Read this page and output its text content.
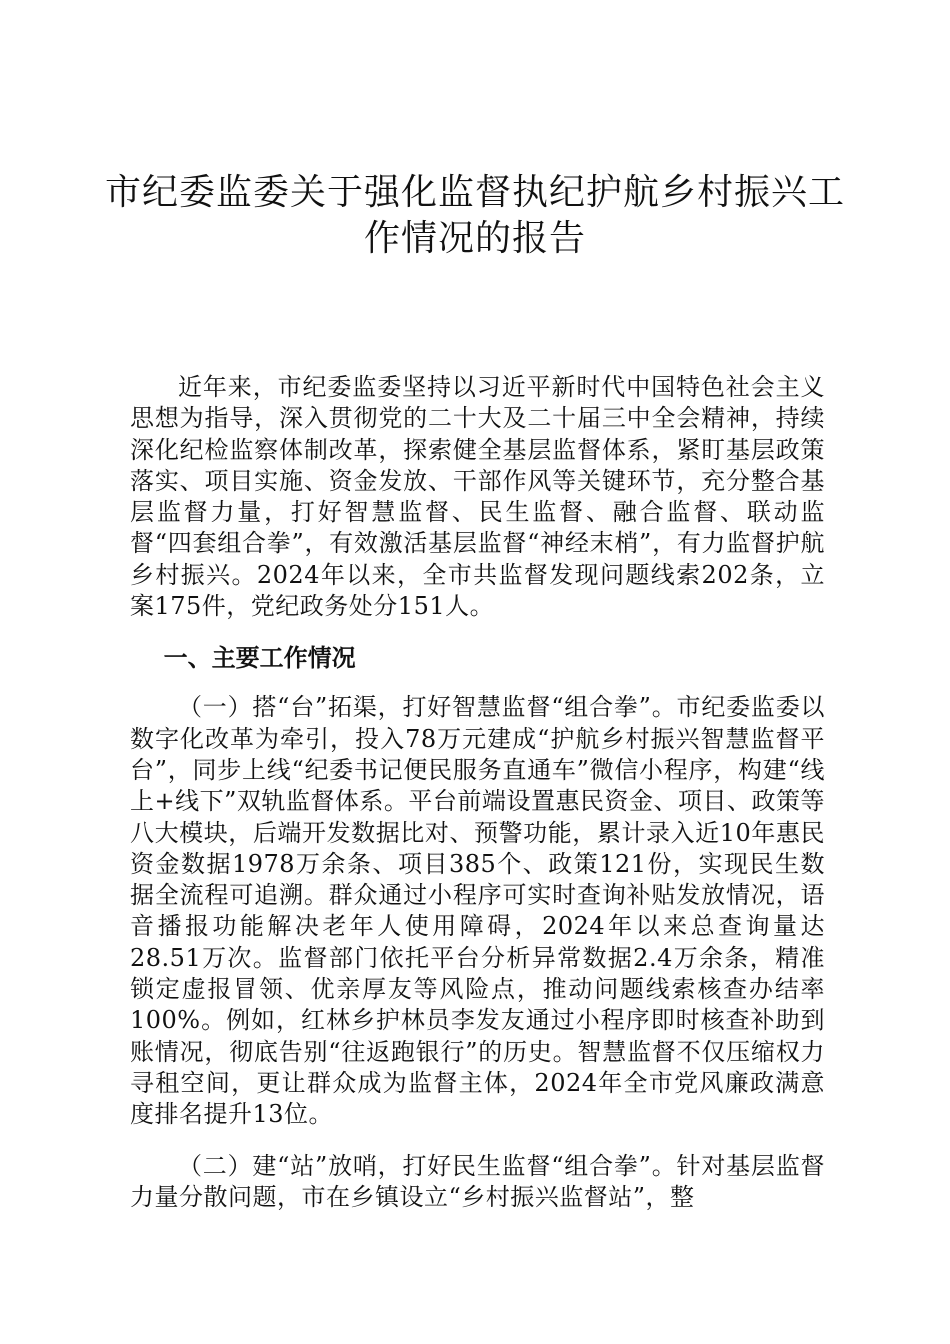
市纪委监委关于强化监督执纪护航乡村振兴工作情况的报告

近年来，市纪委监委坚持以习近平新时代中国特色社会主义思想为指导，深入贯彻党的二十大及二十届三中全会精神，持续深化纪检监察体制改革，探索健全基层监督体系，紧盯基层政策落实、项目实施、资金发放、干部作风等关键环节，充分整合基层监督力量，打好智慧监督、民生监督、融合监督、联动监督“四套组合拳”，有效激活基层监督“神经末梢”，有力监督护航乡村振兴。2024年以来，全市共监督发现问题线索202条，立案175件，党纪政务处分151人。

一、主要工作情况

（一）搭“台”拓渠，打好智慧监督“组合拳”。市纪委监委以数字化改革为牵引，投入78万元建成“护航乡村振兴智慧监督平台”，同步上线“纪委书记便民服务直通车”微信小程序，构建“线上+线下”双轨监督体系。平台前端设置惠民资金、项目、政策等八大模块，后端开发数据比对、预警功能，累计录入近10年惠民资金数据1978万余条、项目385个、政策121份，实现民生数据全流程可追溯。群众通过小程序可实时查询补贴发放情况，语音播报功能解决老年人使用障碍，2024年以来总查询量达28.51万次。监督部门依托平台分析异常数据2.4万余条，精准锁定虚报冒领、优亲厚友等风险点，推动问题线索核查办结率100%。例如，红林乡护林员李发友通过小程序即时核查补助到账情况，彻底告别“往返跑银行”的历史。智慧监督不仅压缩权力寻租空间，更让群众成为监督主体，2024年全市党风廉政满意度排名提升13位。

（二）建“站”放哨，打好民生监督“组合拳”。针对基层监督力量分散问题，市在乡镇设立“乡村振兴监督站”，整
